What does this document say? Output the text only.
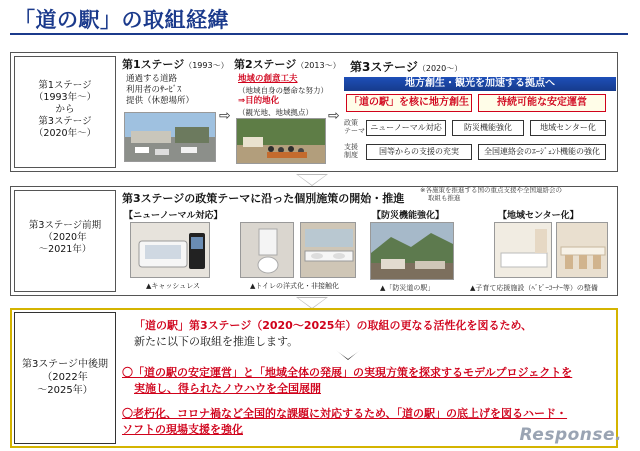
「道の駅」の取組経緯
第1ステージ
（1993年～）
から
第3ステージ
（2020年～）
第1ステージ（1993～）
通過する道路
利用者のｻｰﾋﾞｽ
提供（休憩場所）
⇨
第2ステージ（2013～）
地域の創意工夫
（地域自身の懸命な努力）
⇒目的地化
（観光地、地域拠点）	⇨
第3ステージ（2020～）
地方創生・観光を加速する拠点へ
「道の駅」を核に地方創生	持続可能な安定運営
政策
テーマ ニューノーマル対応	防災機能強化	地域センター化
支援
制度	国等からの支援の充実	全国連絡会のｴｰｼﾞｪﾝﾄ機能の強化
第3ステージ前期
（2020年
～2021年）
第3ステージの政策テーマに沿った個別施策の開始・推進
※各施策を推進する国の重点支援や全国連絡会の
取組も推進
【ニューノーマル対応】	【防災機能強化】	【地域センター化】
▲キャッシュレス	▲トイレの洋式化・非接触化	▲「防災道の駅」	▲子育て応援施設（ﾍﾞﾋﾞｰｺｰﾅｰ等）の整備
第3ステージ中後期
（2022年
～2025年）
「道の駅」第3ステージ（2020～2025年）の取組の更なる活性化を図るため、
新たに以下の取組を推進します。
〇「道の駅の安定運営」と「地域全体の発展」の実現方策を探求するモデルプロジェクトを
実施し、得られたノウハウを全国展開
〇老朽化、コロナ禍など全国的な課題に対応するため、「道の駅」の底上げを図るハード・
ソフトの現場支援を強化	Response.
